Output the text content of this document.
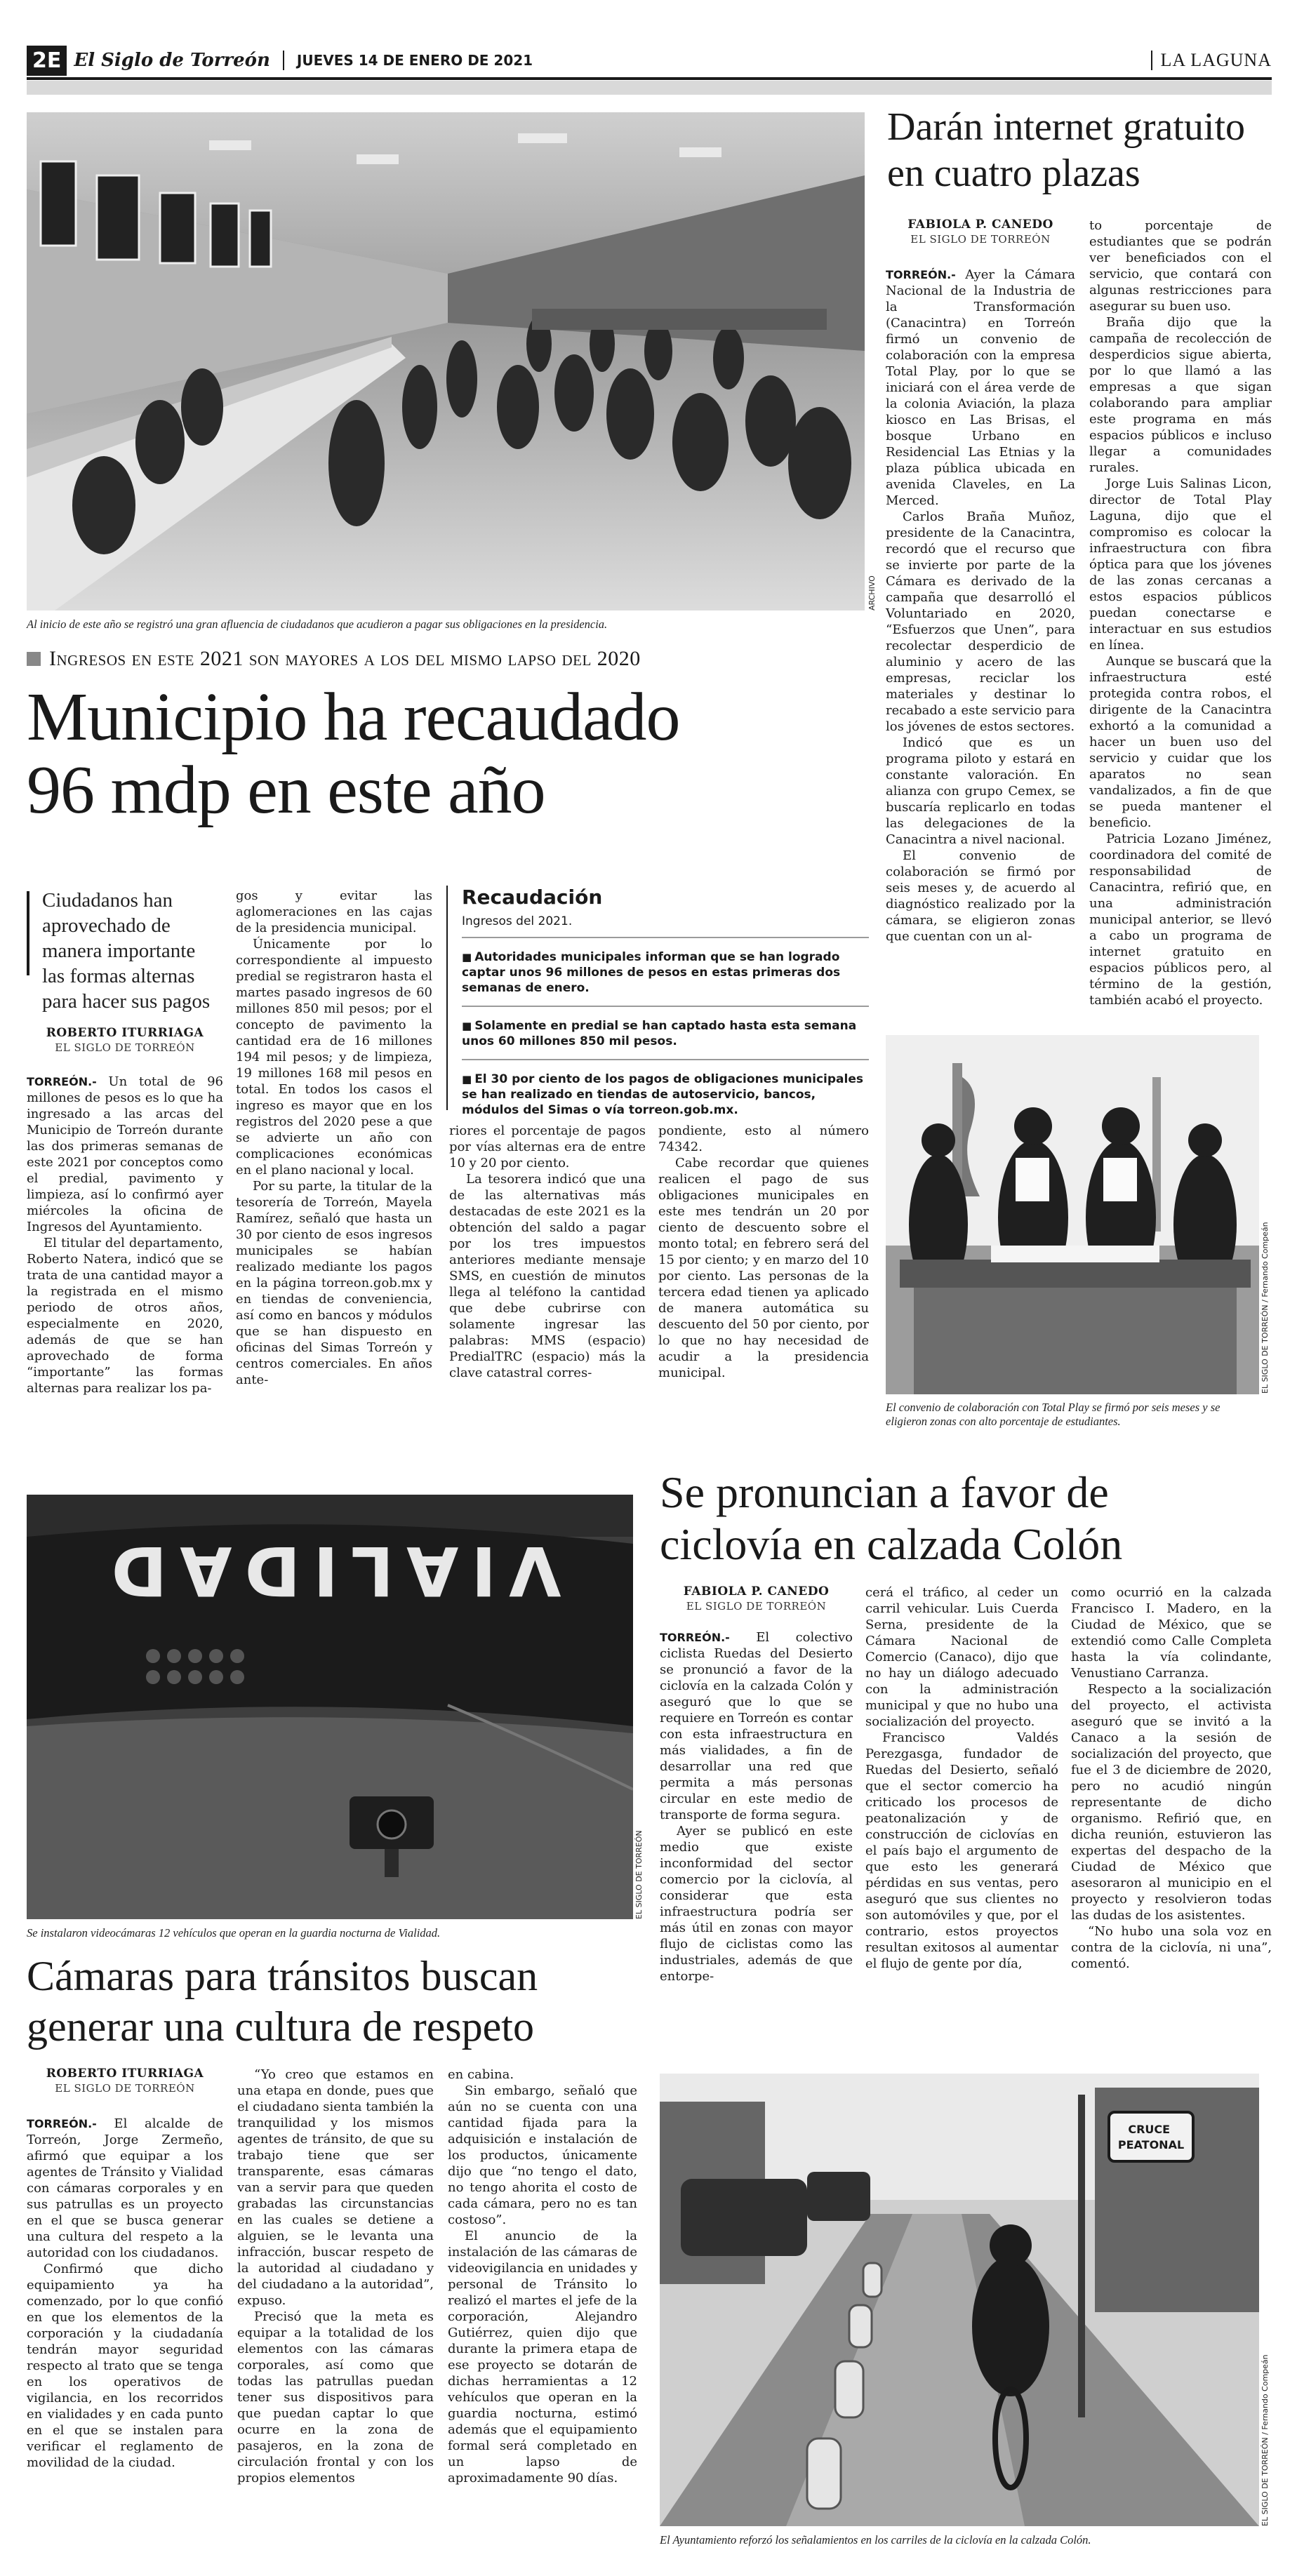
2E El Siglo de Torreón JUEVES 14 DE ENERO DE 2021	LA LAGUNA
ARCHIVO
Al inicio de este año se registró una gran afluencia de ciudadanos que acudieron a pagar sus obligaciones en la presidencia.
Ingresos en este 2021 son mayores a los del mismo lapso del 2020
Municipio ha recaudado
96 mdp en este año
Ciudadanos han aprovechado de manera importante las formas alternas para hacer sus pagos
ROBERTO ITURRIAGA
EL SIGLO DE TORREÓN

TORREÓN.- Un total de 96 millones de pesos es lo que ha ingresado a las arcas del Municipio de Torreón durante las dos primeras semanas de este 2021 por conceptos como el predial, pavimento y limpieza, así lo confirmó ayer miércoles la oficina de Ingresos del Ayuntamiento.

El titular del departamento, Roberto Natera, indicó que se trata de una cantidad mayor a la registrada en el mismo periodo de otros años, especialmente en 2020, además de que se han aprovechado de forma “importante” las formas alternas para realizar los pa-

gos y evitar las aglomeraciones en las cajas de la presidencia municipal.

Únicamente por lo correspondiente al impuesto predial se registraron hasta el martes pasado ingresos de 60 millones 850 mil pesos; por el concepto de pavimento la cantidad era de 16 millones 194 mil pesos; y de limpieza, 19 millones 168 mil pesos en total. En todos los casos el ingreso es mayor que en los registros del 2020 pese a que se advierte un año con complicaciones económicas en el plano nacional y local.

Por su parte, la titular de la tesorería de Torreón, Mayela Ramírez, señaló que hasta un 30 por ciento de esos ingresos municipales se habían realizado mediante los pagos en la página torreon.gob.mx y en tiendas de conveniencia, así como en bancos y módulos que se han dispuesto en oficinas del Simas Torreón y centros comerciales. En años ante-

Recaudación
Ingresos del 2021.
■ Autoridades municipales informan que se han logrado captar unos 96 millones de pesos en estas primeras dos semanas de enero.
■ Solamente en predial se han captado hasta esta semana unos 60 millones 850 mil pesos.
■ El 30 por ciento de los pagos de obligaciones municipales se han realizado en tiendas de autoservicio, bancos, módulos del Simas o vía torreon.gob.mx.

riores el porcentaje de pagos por vías alternas era de entre 10 y 20 por ciento.

La tesorera indicó que una de las alternativas más destacadas de este 2021 es la obtención del saldo a pagar por los tres impuestos anteriores mediante mensaje SMS, en cuestión de minutos llega al teléfono la cantidad que debe cubrirse con solamente ingresar las palabras: MMS (espacio) PredialTRC (espacio) más la clave catastral corres-

pondiente, esto al número 74342.

Cabe recordar que quienes realicen el pago de sus obligaciones municipales en este mes tendrán un 20 por ciento de descuento sobre el monto total; en febrero será del 15 por ciento; y en marzo del 10 por ciento. Las personas de la tercera edad tienen ya aplicado de manera automática su descuento del 50 por ciento, por lo que no hay necesidad de acudir a la presidencia municipal.

Darán internet gratuito
en cuatro plazas
FABIOLA P. CANEDO
EL SIGLO DE TORREÓN

TORREÓN.- Ayer la Cámara Nacional de la Industria de la Transformación (Canacintra) en Torreón firmó un convenio de colaboración con la empresa Total Play, por lo que se iniciará con el área verde de la colonia Aviación, la plaza kiosco en Las Brisas, el bosque Urbano en Residencial Las Etnias y la plaza pública ubicada en avenida Claveles, en La Merced.

Carlos Braña Muñoz, presidente de la Canacintra, recordó que el recurso que se invierte por parte de la Cámara es derivado de la campaña que desarrolló el Voluntariado en 2020, “Esfuerzos que Unen”, para recolectar desperdicio de aluminio y acero de las empresas, reciclar los materiales y destinar lo recabado a este servicio para los jóvenes de estos sectores.

Indicó que es un programa piloto y estará en constante valoración. En alianza con grupo Cemex, se buscaría replicarlo en todas las delegaciones de la Canacintra a nivel nacional.

El convenio de colaboración se firmó por seis meses y, de acuerdo al diagnóstico realizado por la cámara, se eligieron zonas que cuentan con un al-

to porcentaje de estudiantes que se podrán ver beneficiados con el servicio, que contará con algunas restricciones para asegurar su buen uso.

Braña dijo que la campaña de recolección de desperdicios sigue abierta, por lo que llamó a las empresas a que sigan colaborando para ampliar este programa en más espacios públicos e incluso llegar a comunidades rurales.

Jorge Luis Salinas Licon, director de Total Play Laguna, dijo que el compromiso es colocar la infraestructura con fibra óptica para que los jóvenes de las zonas cercanas a estos espacios públicos puedan conectarse e interactuar en sus estudios en línea.

Aunque se buscará que la infraestructura esté protegida contra robos, el dirigente de la Canacintra exhortó a la comunidad a hacer un buen uso del servicio y cuidar que los aparatos no sean vandalizados, a fin de que se pueda mantener el beneficio.

Patricia Lozano Jiménez, coordinadora del comité de responsabilidad de Canacintra, refirió que, en una administración municipal anterior, se llevó a cabo un programa de internet gratuito en espacios públicos pero, al término de la gestión, también acabó el proyecto.

EL SIGLO DE TORREÓN / Fernando Compeán
El convenio de colaboración con Total Play se firmó por seis meses y se eligieron zonas con alto porcentaje de estudiantes.
VIALIDAD
EL SIGLO DE TORREÓN
Se instalaron videocámaras 12 vehículos que operan en la guardia nocturna de Vialidad.
Cámaras para tránsitos buscan
generar una cultura de respeto
ROBERTO ITURRIAGA
EL SIGLO DE TORREÓN

TORREÓN.- El alcalde de Torreón, Jorge Zermeño, afirmó que equipar a los agentes de Tránsito y Vialidad con cámaras corporales y en sus patrullas es un proyecto en el que se busca generar una cultura del respeto a la autoridad con los ciudadanos.

Confirmó que dicho equipamiento ya ha comenzado, por lo que confió en que los elementos de la corporación y la ciudadanía tendrán mayor seguridad respecto al trato que se tenga en los operativos de vigilancia, en los recorridos en vialidades y en cada punto en el que se instalen para verificar el reglamento de movilidad de la ciudad.

“Yo creo que estamos en una etapa en donde, pues que el ciudadano sienta también la tranquilidad y los mismos agentes de tránsito, de que su trabajo tiene que ser transparente, esas cámaras van a servir para que queden grabadas las circunstancias en las cuales se detiene a alguien, se le levanta una infracción, buscar respeto de la autoridad al ciudadano y del ciudadano a la autoridad”, expuso.

Precisó que la meta es equipar a la totalidad de los elementos con las cámaras corporales, así como que todas las patrullas puedan tener sus dispositivos para que puedan captar lo que ocurre en la zona de pasajeros, en la zona de circulación frontal y con los propios elementos

en cabina.

Sin embargo, señaló que aún no se cuenta con una cantidad fijada para la adquisición e instalación de los productos, únicamente dijo que “no tengo el dato, no tengo ahorita el costo de cada cámara, pero no es tan costoso”.

El anuncio de la instalación de las cámaras de videovigilancia en unidades y personal de Tránsito lo realizó el martes el jefe de la corporación, Alejandro Gutiérrez, quien dijo que durante la primera etapa de ese proyecto se dotarán de dichas herramientas a 12 vehículos que operan en la guardia nocturna, estimó además que el equipamiento formal será completado en un lapso de aproximadamente 90 días.

Se pronuncian a favor de
ciclovía en calzada Colón
FABIOLA P. CANEDO
EL SIGLO DE TORREÓN

TORREÓN.- El colectivo ciclista Ruedas del Desierto se pronunció a favor de la ciclovía en la calzada Colón y aseguró que lo que se requiere en Torreón es contar con esta infraestructura en más vialidades, a fin de desarrollar una red que permita a más personas circular en este medio de transporte de forma segura.

Ayer se publicó en este medio que existe inconformidad del sector comercio por la ciclovía, al considerar que esta infraestructura podría ser más útil en zonas con mayor flujo de ciclistas como las industriales, además de que entorpe-

cerá el tráfico, al ceder un carril vehicular. Luis Cuerda Serna, presidente de la Cámara Nacional de Comercio (Canaco), dijo que no hay un diálogo adecuado con la administración municipal y que no hubo una socialización del proyecto.

Francisco Valdés Perezgasga, fundador de Ruedas del Desierto, señaló que el sector comercio ha criticado los procesos de peatonalización y de construcción de ciclovías en el país bajo el argumento de que esto les generará pérdidas en sus ventas, pero aseguró que sus clientes no son automóviles y que, por el contrario, estos proyectos resultan exitosos al aumentar el flujo de gente por día,

como ocurrió en la calzada Francisco I. Madero, en la Ciudad de México, que se extendió como Calle Completa hasta la vía colindante, Venustiano Carranza.

Respecto a la socialización del proyecto, el activista aseguró que se invitó a la Canaco a la sesión de socialización del proyecto, que fue el 3 de diciembre de 2020, pero no acudió ningún representante de dicho organismo. Refirió que, en dicha reunión, estuvieron las expertas del despacho de la Ciudad de México que asesoraron al municipio en el proyecto y resolvieron todas las dudas de los asistentes.

“No hubo una sola voz en contra de la ciclovía, ni una”, comentó.

CRUCE PEATONAL
EL SIGLO DE TORREÓN / Fernando Compeán
El Ayuntamiento reforzó los señalamientos en los carriles de la ciclovía en la calzada Colón.
